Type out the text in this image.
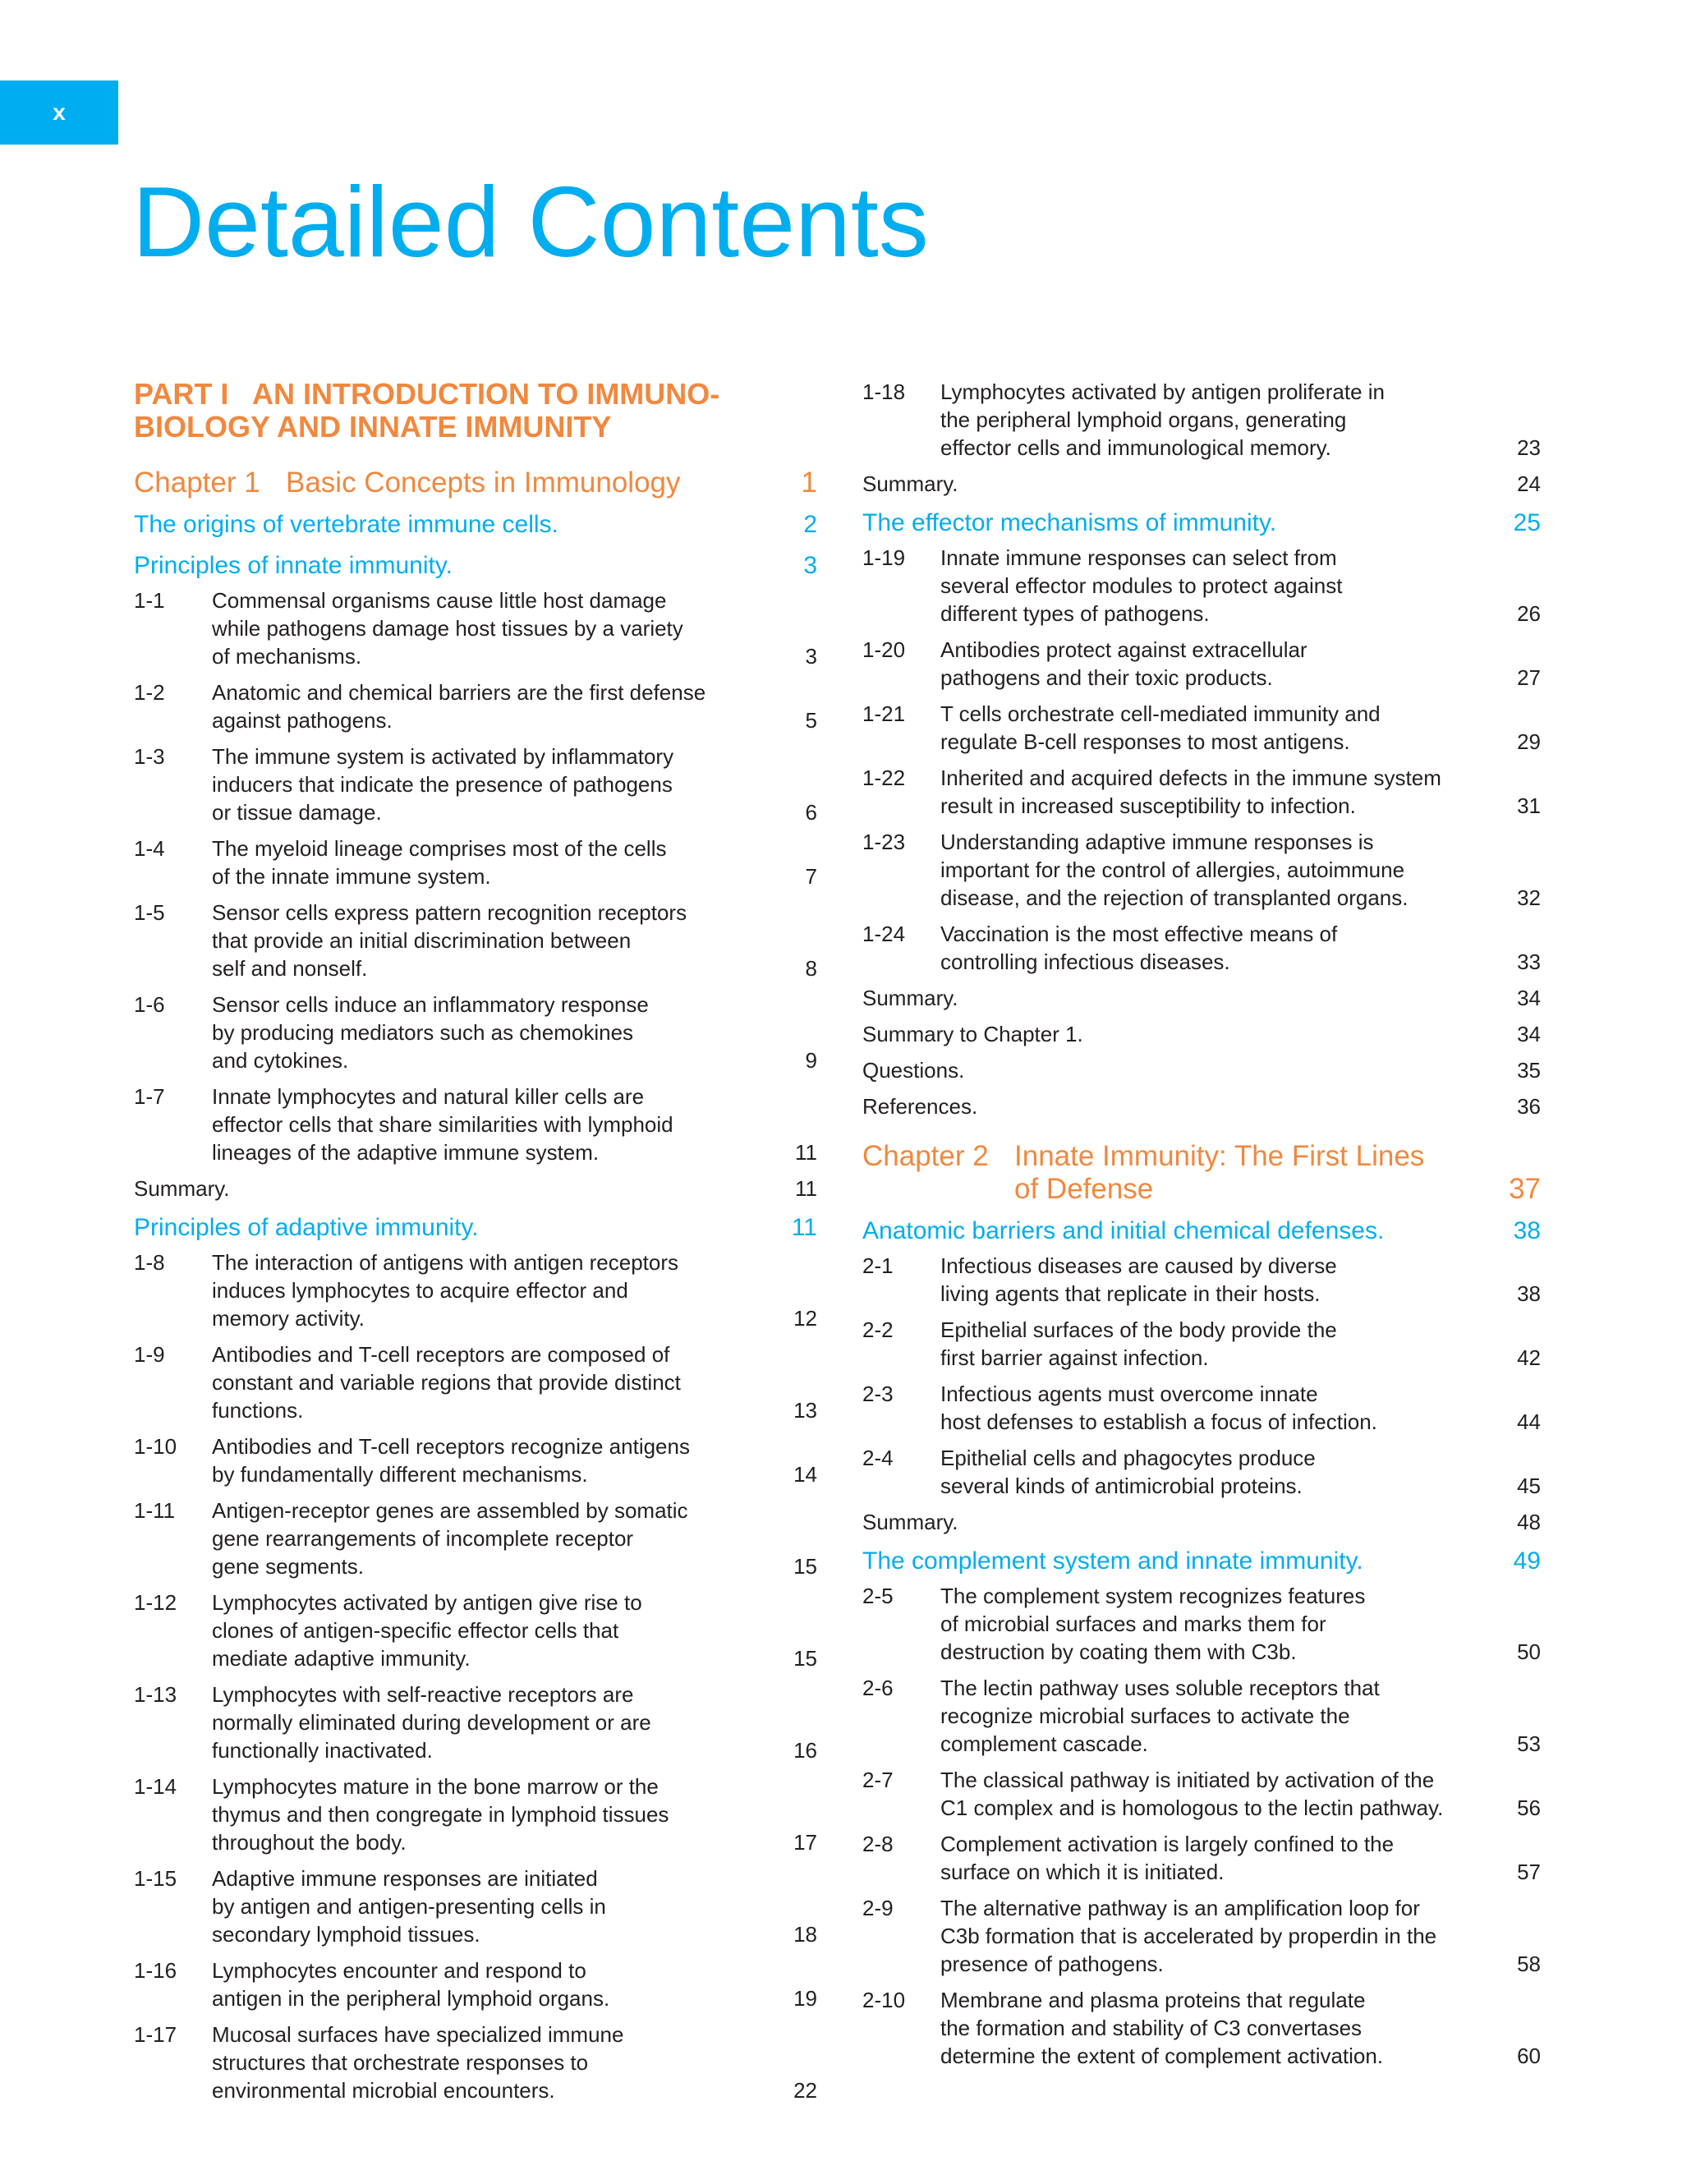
x
Detailed Contents
PART I   AN INTRODUCTION TO IMMUNO-
BIOLOGY AND INNATE IMMUNITY
Chapter 1 Basic Concepts in Immunology	1
The origins of vertebrate immune cells.	2
Principles of innate immunity.	3
1-1	Commensal organisms cause little host damage
while pathogens damage host tissues by a variety
of mechanisms.	3
1-2	Anatomic and chemical barriers are the first defense
against pathogens.	5
1-3	The immune system is activated by inflammatory
inducers that indicate the presence of pathogens
or tissue damage.	6
1-4	The myeloid lineage comprises most of the cells
of the innate immune system.	7
1-5	Sensor cells express pattern recognition receptors
that provide an initial discrimination between
self and nonself.	8
1-6	Sensor cells induce an inflammatory response
by producing mediators such as chemokines
and cytokines.	9
1-7	Innate lymphocytes and natural killer cells are
effector cells that share similarities with lymphoid
lineages of the adaptive immune system.	11
Summary.	11
Principles of adaptive immunity.	11
1-8	The interaction of antigens with antigen receptors
induces lymphocytes to acquire effector and
memory activity.	12
1-9	Antibodies and T-cell receptors are composed of
constant and variable regions that provide distinct
functions.	13
1-10	Antibodies and T-cell receptors recognize antigens
by fundamentally different mechanisms.	14
1-11	Antigen-receptor genes are assembled by somatic
gene rearrangements of incomplete receptor
gene segments.	15
1-12	Lymphocytes activated by antigen give rise to
clones of antigen-specific effector cells that
mediate adaptive immunity.	15
1-13	Lymphocytes with self-reactive receptors are
normally eliminated during development or are
functionally inactivated.	16
1-14	Lymphocytes mature in the bone marrow or the
thymus and then congregate in lymphoid tissues
throughout the body.	17
1-15	Adaptive immune responses are initiated
by antigen and antigen-presenting cells in
secondary lymphoid tissues.	18
1-16	Lymphocytes encounter and respond to
antigen in the peripheral lymphoid organs.	19
1-17	Mucosal surfaces have specialized immune
structures that orchestrate responses to
environmental microbial encounters.	22
1-18	Lymphocytes activated by antigen proliferate in
the peripheral lymphoid organs, generating
effector cells and immunological memory.	23
Summary.	24
The effector mechanisms of immunity.	25
1-19	Innate immune responses can select from
several effector modules to protect against
different types of pathogens.	26
1-20	Antibodies protect against extracellular
pathogens and their toxic products.	27
1-21	T cells orchestrate cell-mediated immunity and
regulate B-cell responses to most antigens.	29
1-22	Inherited and acquired defects in the immune system
result in increased susceptibility to infection.	31
1-23	Understanding adaptive immune responses is
important for the control of allergies, autoimmune
disease, and the rejection of transplanted organs.	32
1-24	Vaccination is the most effective means of
controlling infectious diseases.	33
Summary.	34
Summary to Chapter 1.	34
Questions.	35
References.	36
Chapter 2 Innate Immunity: The First Lines
of Defense	37
Anatomic barriers and initial chemical defenses.	38
2-1	Infectious diseases are caused by diverse
living agents that replicate in their hosts.	38
2-2	Epithelial surfaces of the body provide the
first barrier against infection.	42
2-3	Infectious agents must overcome innate
host defenses to establish a focus of infection.	44
2-4	Epithelial cells and phagocytes produce
several kinds of antimicrobial proteins.	45
Summary.	48
The complement system and innate immunity.	49
2-5	The complement system recognizes features
of microbial surfaces and marks them for
destruction by coating them with C3b.	50
2-6	The lectin pathway uses soluble receptors that
recognize microbial surfaces to activate the
complement cascade.	53
2-7	The classical pathway is initiated by activation of the
C1 complex and is homologous to the lectin pathway.	56
2-8	Complement activation is largely confined to the
surface on which it is initiated.	57
2-9	The alternative pathway is an amplification loop for
C3b formation that is accelerated by properdin in the
presence of pathogens.	58
2-10	Membrane and plasma proteins that regulate
the formation and stability of C3 convertases
determine the extent of complement activation.	60
